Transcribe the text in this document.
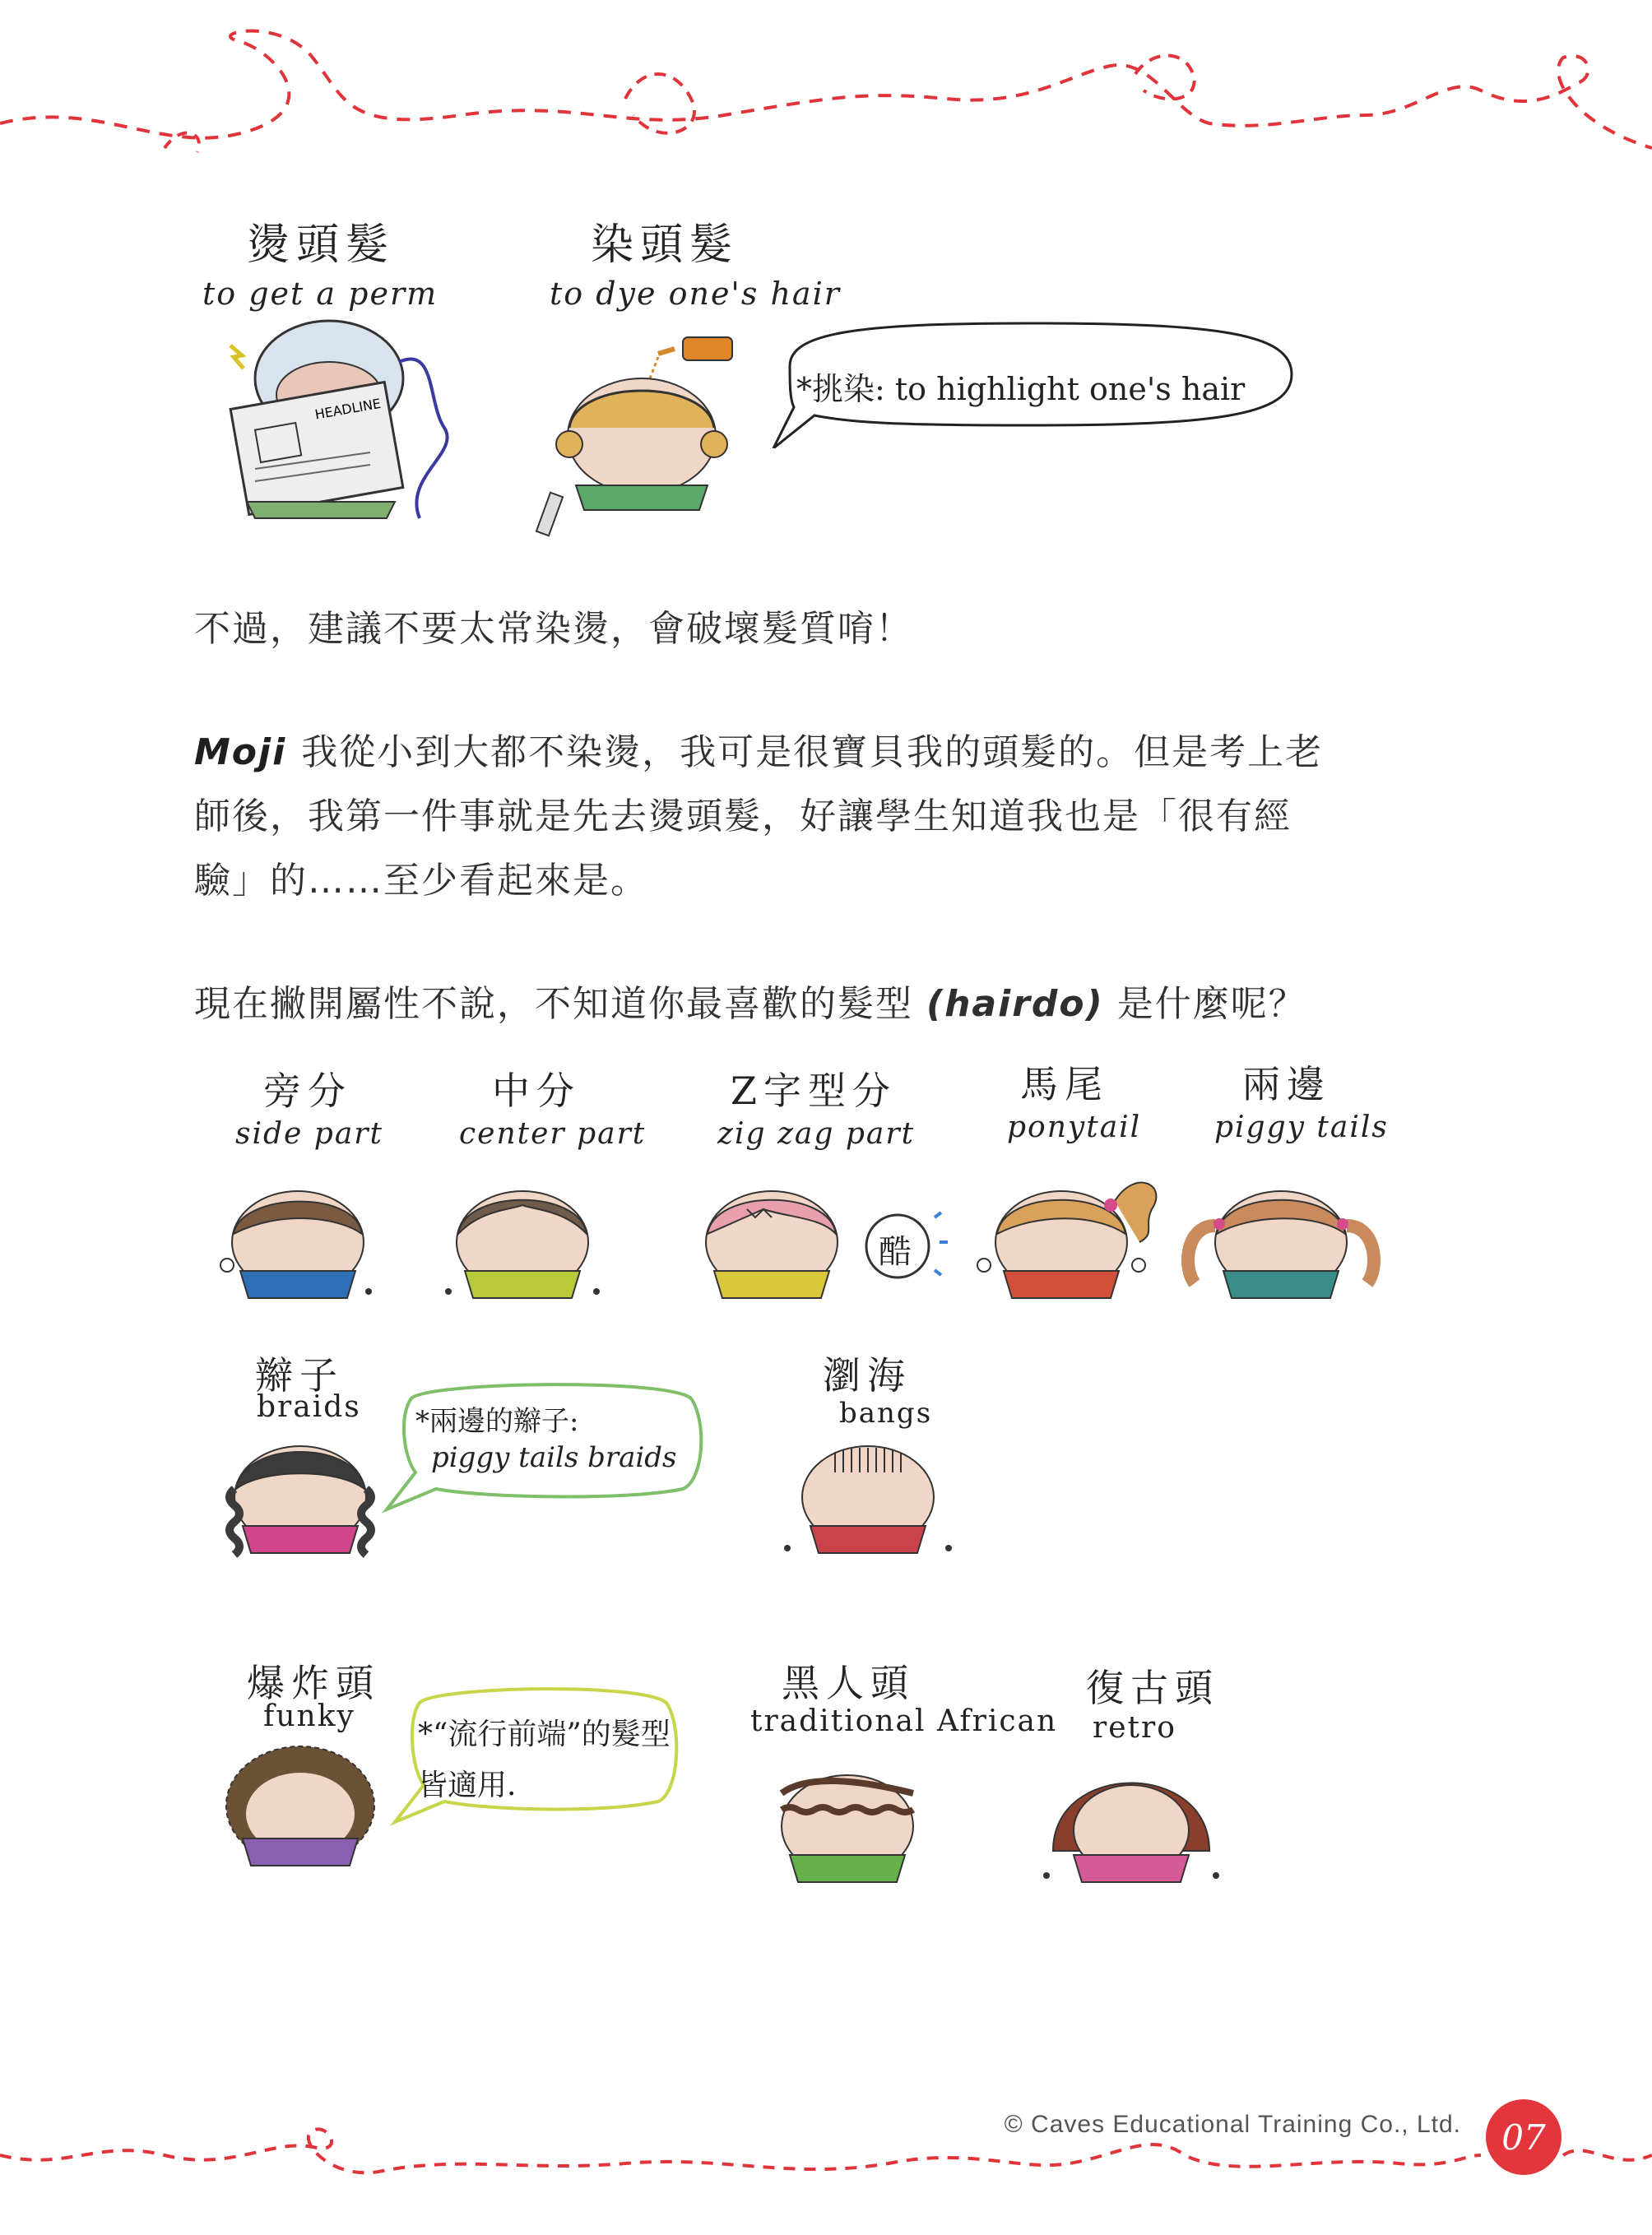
燙頭髮
to get a perm
HEADLINE
染頭髮
to dye one's hair
*挑染: to highlight one's hair
不過，建議不要太常染燙，會破壞髮質唷！
Moji 我從小到大都不染燙，我可是很寶貝我的頭髮的。但是考上老
師後，我第一件事就是先去燙頭髮，好讓學生知道我也是「很有經
驗」的……至少看起來是。
現在撇開屬性不說，不知道你最喜歡的髮型 (hairdo) 是什麼呢？
旁分
side part
中分
center part
Z字型分
zig zag part
酷
馬尾
ponytail
兩邊
piggy tails
辮子
braids *兩邊的辮子:
piggy tails braids
瀏海
bangs
爆炸頭
funky
*“流行前端”的髮型
皆適用.
黑人頭
traditional African
復古頭
retro
© Caves Educational Training Co., Ltd.	07
